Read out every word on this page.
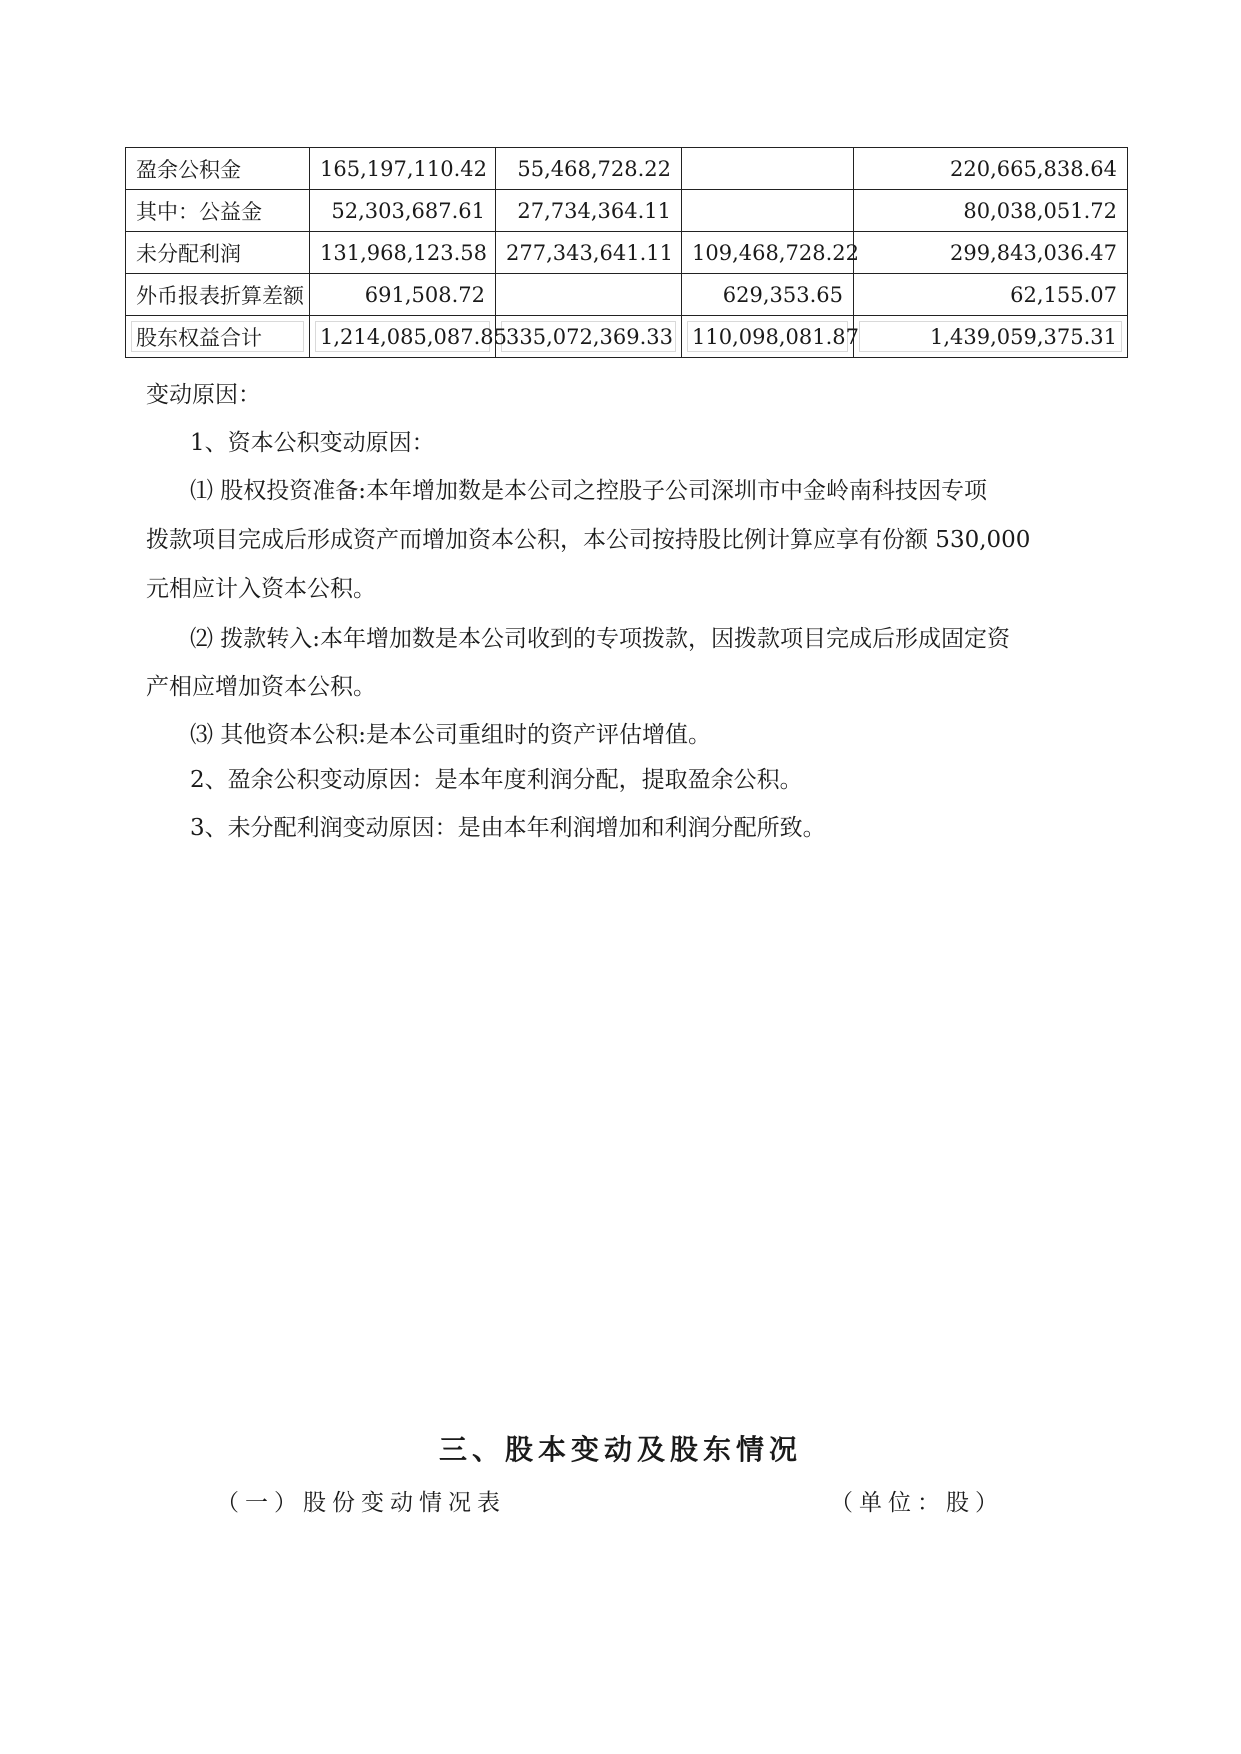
盈余公积金	165,197,110.42	55,468,728.22		220,665,838.64
其中：公益金	52,303,687.61	27,734,364.11		80,038,051.72
未分配利润	131,968,123.58	277,343,641.11	109,468,728.22	299,843,036.47
外币报表折算差额	691,508.72		629,353.65	62,155.07
股东权益合计	1,214,085,087.85	335,072,369.33	110,098,081.87	1,439,059,375.31
变动原因：
1、资本公积变动原因：
⑴ 股权投资准备:本年增加数是本公司之控股子公司深圳市中金岭南科技因专项
拨款项目完成后形成资产而增加资本公积，本公司按持股比例计算应享有份额 530,000
元相应计入资本公积。
⑵ 拨款转入:本年增加数是本公司收到的专项拨款，因拨款项目完成后形成固定资
产相应增加资本公积。
⑶ 其他资本公积:是本公司重组时的资产评估增值。
2、盈余公积变动原因：是本年度利润分配，提取盈余公积。
3、未分配利润变动原因：是由本年利润增加和利润分配所致。
三、股本变动及股东情况
（一）股份变动情况表	（单位：股）
